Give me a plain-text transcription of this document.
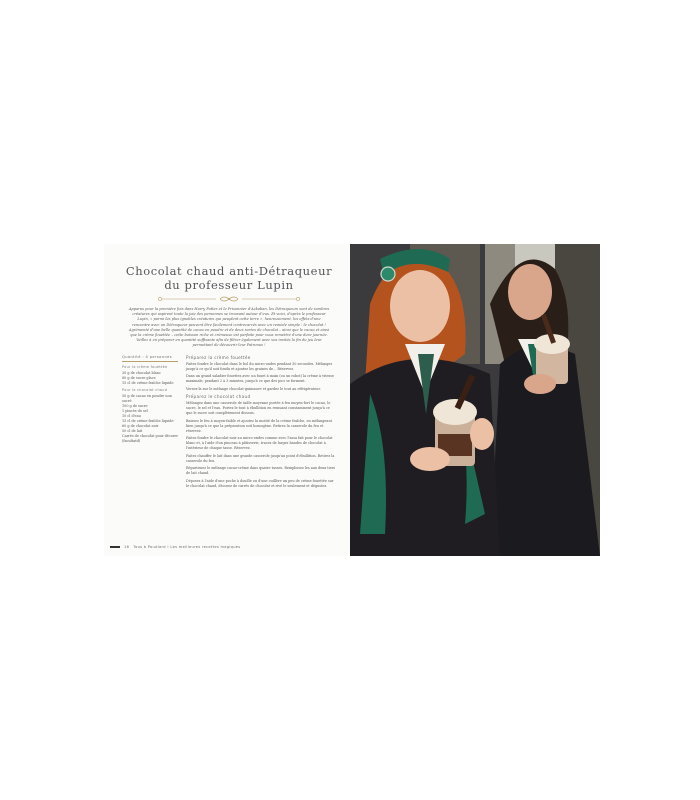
Chocolat chaud anti-Détraqueur
du professeur Lupin

Apparus pour la première fois dans Harry Potter et le Prisonnier d'Azkaban, les Détraqueurs sont de sombres créatures qui aspirent toute la joie des personnes se trouvant autour d'eux. Et voici, d'après le professeur Lupin, « parmi les plus ignobles créatures qui peuplent cette terre », heureusement, les effets d'une rencontre avec un Détraqueur peuvent être facilement contrecarrés avec un remède simple : le chocolat ! Agrémenté d'une belle quantité de cacao en poudre et de deux sortes de chocolat – ainsi que le cacao et ainsi que la crème fouettée – cette boisson riche et crémeuse est parfaite pour vous remettre d'une dure journée. Veillez à en préparer en quantité suffisante afin de filtrer également avec vos invités la fin du jeu leur permettant de découvrir leur Patronus !

Quantité : 4 personnes
Pour la crème fouettée
30 g de chocolat blanc
80 g de sucre glace
15 cl de crème fraîche liquide
Pour le chocolat chaud
50 g de cacao en poudre non sucré
100 g de sucre
1 pincée de sel
10 cl d'eau
15 cl de crème fraîche liquide
60 g de chocolat noir
50 cl de lait
Carrés de chocolat pour décorer (facultatif)
Préparez la crème fouettée
Faites fondre le chocolat dans le bol du micro-ondes pendant 30 secondes. Mélangez jusqu'à ce qu'il soit fondu et ajoutez les graines de... Réservez.
Dans un grand saladier fouettez avec un fouet à main (ou un robot) la crème à vitesse maximale, pendant 2 à 3 minutes, jusqu'à ce que des pics se forment.
Versez-la sur le mélange chocolat-guimauve et gardez le tout au réfrigérateur.
Préparez le chocolat chaud
Mélangez dans une casserole de taille moyenne portée à feu moyen-fort le cacao, le sucre, le sel et l'eau. Portez le tout à ébullition en remuant constamment jusqu'à ce que le sucre soit complètement dissous.
Baissez le feu à moyen-faible et ajoutez la moitié de la crème fraîche, en mélangeant bien jusqu'à ce que la préparation soit homogène. Retirez la casserole du feu et réservez.
Faites fondre le chocolat noir au micro-ondes comme avec l'assa fait pour le chocolat blanc et, à l'aide d'un pinceau à pâtisserie, tracez de larges bandes de chocolat à l'intérieur de chaque tasse. Réservez.
Faites chauffer le lait dans une grande casserole jusqu'au point d'ébullition. Retirez la casserole du feu.
Répartissez le mélange cacao-crème dans quatre tasses. Remplissez les aux deux tiers de lait chaud.
Déposez à l'aide d'une poche à douille ou d'une cuillère un peu de crème fouettée sur le chocolat chaud, décorez de carrés de chocolat et rivé le seulement et dégustez.
16 Tous à Poudlard ! Les meilleures recettes magiques
